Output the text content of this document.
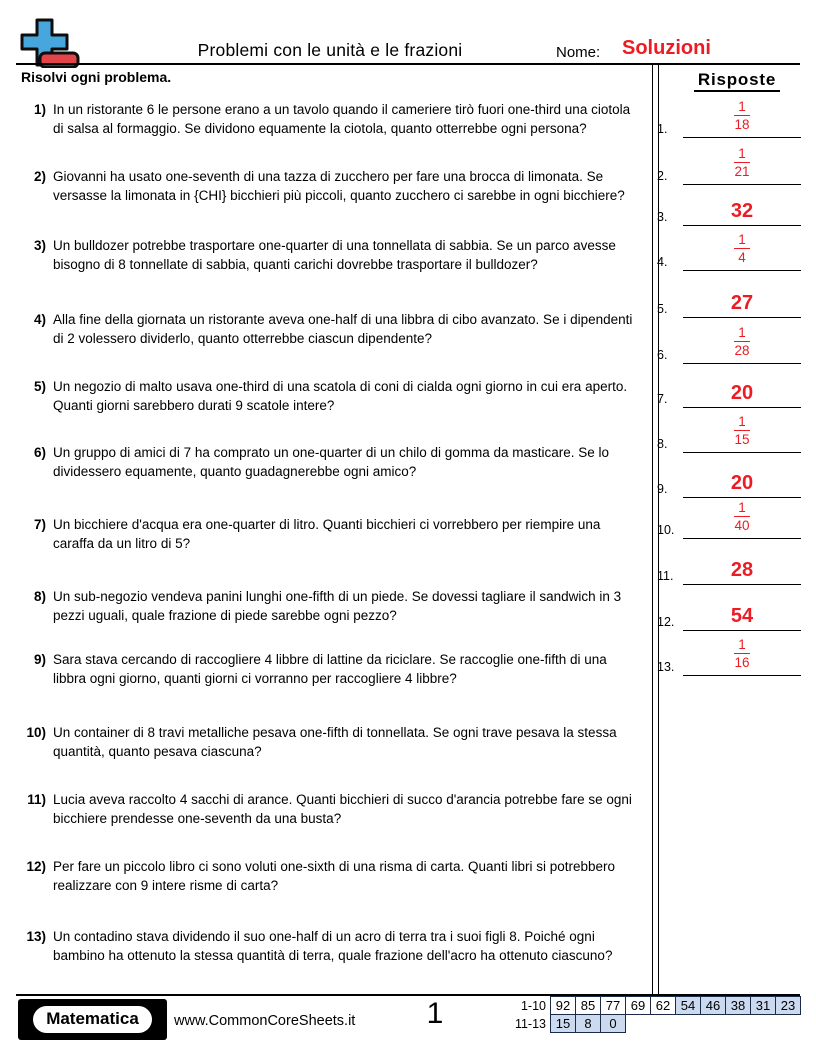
Problemi con le unità e le frazioni	Nome: Soluzioni
Risolvi ogni problema.
1) In un ristorante 6 le persone erano a un tavolo quando il cameriere tirò fuori one-third una ciotola di salsa al formaggio. Se dividono equamente la ciotola, quanto otterrebbe ogni persona?
2) Giovanni ha usato one-seventh di una tazza di zucchero per fare una brocca di limonata. Se versasse la limonata in {CHI} bicchieri più piccoli, quanto zucchero ci sarebbe in ogni bicchiere?
3) Un bulldozer potrebbe trasportare one-quarter di una tonnellata di sabbia. Se un parco avesse bisogno di 8 tonnellate di sabbia, quanti carichi dovrebbe trasportare il bulldozer?
4) Alla fine della giornata un ristorante aveva one-half di una libbra di cibo avanzato. Se i dipendenti di 2 volessero dividerlo, quanto otterrebbe ciascun dipendente?
5) Un negozio di malto usava one-third di una scatola di coni di cialda ogni giorno in cui era aperto. Quanti giorni sarebbero durati 9 scatole intere?
6) Un gruppo di amici di 7 ha comprato un one-quarter di un chilo di gomma da masticare. Se lo dividessero equamente, quanto guadagnerebbe ogni amico?
7) Un bicchiere d'acqua era one-quarter di litro. Quanti bicchieri ci vorrebbero per riempire una caraffa da un litro di 5?
8) Un sub-negozio vendeva panini lunghi one-fifth di un piede. Se dovessi tagliare il sandwich in 3 pezzi uguali, quale frazione di piede sarebbe ogni pezzo?
9) Sara stava cercando di raccogliere 4 libbre di lattine da riciclare. Se raccoglie one-fifth di una libbra ogni giorno, quanti giorni ci vorranno per raccogliere 4 libbre?
10) Un container di 8 travi metalliche pesava one-fifth di tonnellata. Se ogni trave pesava la stessa quantità, quanto pesava ciascuna?
11) Lucia aveva raccolto 4 sacchi di arance. Quanti bicchieri di succo d'arancia potrebbe fare se ogni bicchiere prendesse one-seventh da una busta?
12) Per fare un piccolo libro ci sono voluti one-sixth di una risma di carta. Quanti libri si potrebbero realizzare con 9 intere risme di carta?
13) Un contadino stava dividendo il suo one-half di un acro di terra tra i suoi figli 8. Poiché ogni bambino ha ottenuto la stessa quantità di terra, quale frazione dell'acro ha ottenuto ciascuno?
Risposte
1.	$\frac{1}{18}$
2.	$\frac{1}{21}$
3.	32
4.	$\frac{1}{4}$
5.	27
6.	$\frac{1}{28}$
7.	20
8.	$\frac{1}{15}$
9.	20
10.	$\frac{1}{40}$
11.	28
12.	54
13.	$\frac{1}{16}$
Matematica	www.CommonCoreSheets.it	1	1-10	92	85	77	69	62	54	46	38	31	23
11-13	15	8	0							
